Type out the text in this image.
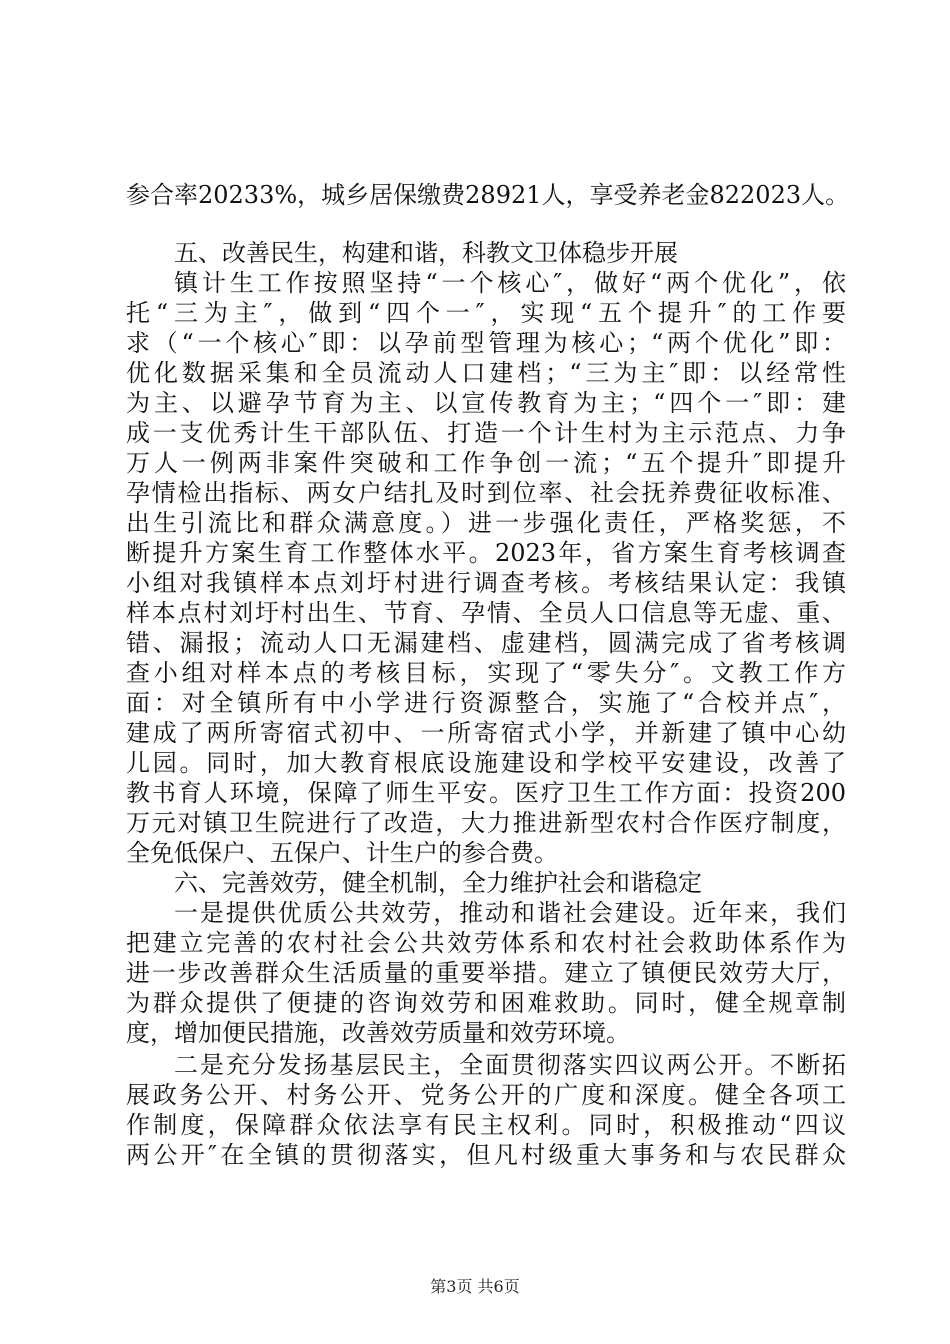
参合率20233%，城乡居保缴费28921人，享受养老金822023人。
五、改善民生，构建和谐，科教文卫体稳步开展
镇计生工作按照坚持“一个核心″，做好“两个优化”，依
托“三为主″，做到“四个一″，实现“五个提升″的工作要
求（“一个核心″即：以孕前型管理为核心；“两个优化”即：
优化数据采集和全员流动人口建档；“三为主″即：以经常性
为主、以避孕节育为主、以宣传教育为主；“四个一″即：建
成一支优秀计生干部队伍、打造一个计生村为主示范点、力争
万人一例两非案件突破和工作争创一流；“五个提升″即提升
孕情检出指标、两女户结扎及时到位率、社会抚养费征收标准、
出生引流比和群众满意度。）进一步强化责任，严格奖惩，不
断提升方案生育工作整体水平。2023年，省方案生育考核调查
小组对我镇样本点刘圩村进行调查考核。考核结果认定：我镇
样本点村刘圩村出生、节育、孕情、全员人口信息等无虚、重、
错、漏报；流动人口无漏建档、虚建档，圆满完成了省考核调
查小组对样本点的考核目标，实现了“零失分″。文教工作方
面：对全镇所有中小学进行资源整合，实施了“合校并点″，
建成了两所寄宿式初中、一所寄宿式小学，并新建了镇中心幼
儿园。同时，加大教育根底设施建设和学校平安建设，改善了
教书育人环境，保障了师生平安。医疗卫生工作方面：投资200
万元对镇卫生院进行了改造，大力推进新型农村合作医疗制度，
全免低保户、五保户、计生户的参合费。
六、完善效劳，健全机制，全力维护社会和谐稳定
一是提供优质公共效劳，推动和谐社会建设。近年来，我们
把建立完善的农村社会公共效劳体系和农村社会救助体系作为
进一步改善群众生活质量的重要举措。建立了镇便民效劳大厅，
为群众提供了便捷的咨询效劳和困难救助。同时，健全规章制
度，增加便民措施，改善效劳质量和效劳环境。
二是充分发扬基层民主，全面贯彻落实四议两公开。不断拓
展政务公开、村务公开、党务公开的广度和深度。健全各项工
作制度，保障群众依法享有民主权利。同时，积极推动“四议
两公开″在全镇的贯彻落实，但凡村级重大事务和与农民群众
第3页 共6页
